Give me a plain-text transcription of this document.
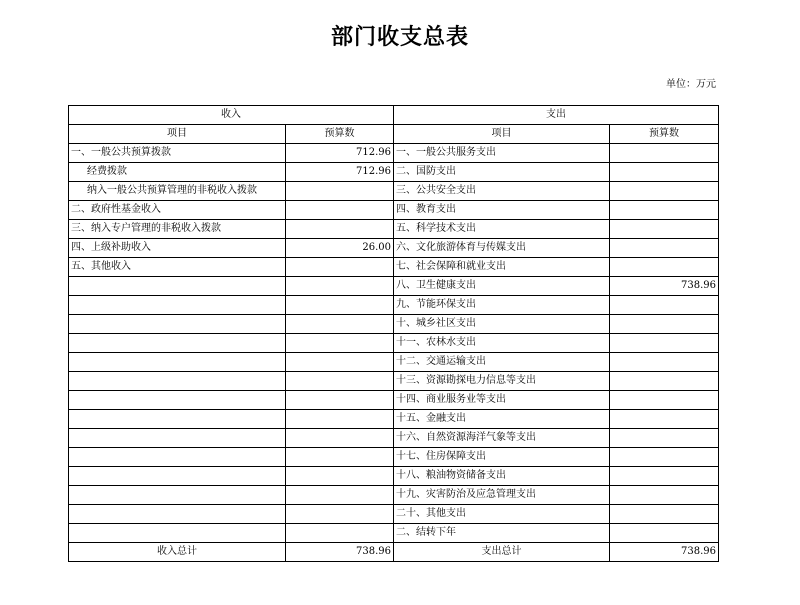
部门收支总表
单位：万元
收入		支出	
项目	预算数	项目	预算数
一、一般公共预算拨款	712.96	一、一般公共服务支出	
经费拨款	712.96	二、国防支出	
纳入一般公共预算管理的非税收入拨款		三、公共安全支出	
二、政府性基金收入		四、教育支出	
三、纳入专户管理的非税收入拨款		五、科学技术支出	
四、上级补助收入	26.00	六、文化旅游体育与传媒支出	
五、其他收入		七、社会保障和就业支出	
		八、卫生健康支出	738.96
		九、节能环保支出	
		十、城乡社区支出	
		十一、农林水支出	
		十二、交通运输支出	
		十三、资源勘探电力信息等支出	
		十四、商业服务业等支出	
		十五、金融支出	
		十六、自然资源海洋气象等支出	
		十七、住房保障支出	
		十八、粮油物资储备支出	
		十九、灾害防治及应急管理支出	
		二十、其他支出	
		二、结转下年	
收入总计	738.96	支出总计	738.96
